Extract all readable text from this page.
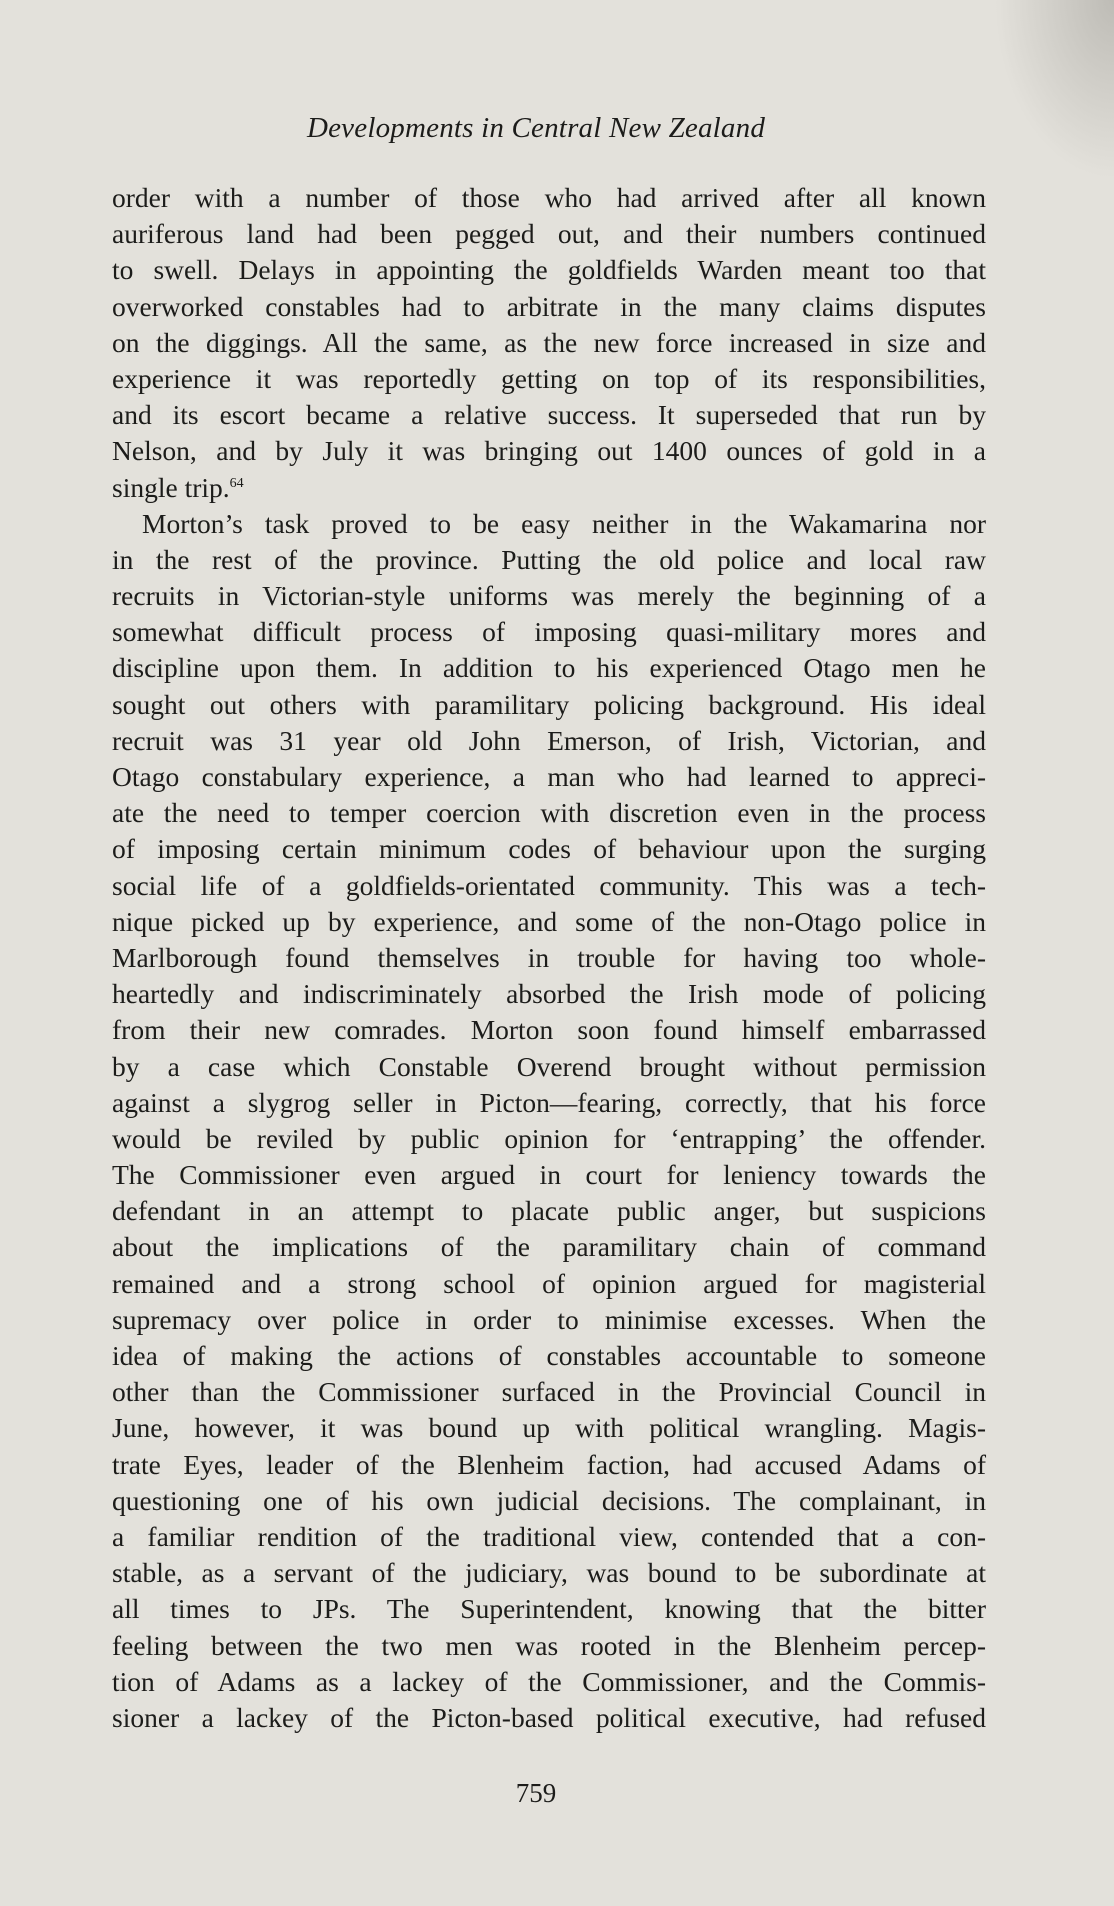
Developments in Central New Zealand
order with a number of those who had arrived after all known
auriferous land had been pegged out, and their numbers continued
to swell. Delays in appointing the goldfields Warden meant too that
overworked constables had to arbitrate in the many claims disputes
on the diggings. All the same, as the new force increased in size and
experience it was reportedly getting on top of its responsibilities,
and its escort became a relative success. It superseded that run by
Nelson, and by July it was bringing out 1400 ounces of gold in a
single trip.$^{64}$
Morton’s task proved to be easy neither in the Wakamarina nor
in the rest of the province. Putting the old police and local raw
recruits in Victorian-style uniforms was merely the beginning of a
somewhat difficult process of imposing quasi-military mores and
discipline upon them. In addition to his experienced Otago men he
sought out others with paramilitary policing background. His ideal
recruit was 31 year old John Emerson, of Irish, Victorian, and
Otago constabulary experience, a man who had learned to appreci-
ate the need to temper coercion with discretion even in the process
of imposing certain minimum codes of behaviour upon the surging
social life of a goldfields-orientated community. This was a tech-
nique picked up by experience, and some of the non-Otago police in
Marlborough found themselves in trouble for having too whole-
heartedly and indiscriminately absorbed the Irish mode of policing
from their new comrades. Morton soon found himself embarrassed
by a case which Constable Overend brought without permission
against a slygrog seller in Picton—fearing, correctly, that his force
would be reviled by public opinion for ‘entrapping’ the offender.
The Commissioner even argued in court for leniency towards the
defendant in an attempt to placate public anger, but suspicions
about the implications of the paramilitary chain of command
remained and a strong school of opinion argued for magisterial
supremacy over police in order to minimise excesses. When the
idea of making the actions of constables accountable to someone
other than the Commissioner surfaced in the Provincial Council in
June, however, it was bound up with political wrangling. Magis-
trate Eyes, leader of the Blenheim faction, had accused Adams of
questioning one of his own judicial decisions. The complainant, in
a familiar rendition of the traditional view, contended that a con-
stable, as a servant of the judiciary, was bound to be subordinate at
all times to JPs. The Superintendent, knowing that the bitter
feeling between the two men was rooted in the Blenheim percep-
tion of Adams as a lackey of the Commissioner, and the Commis-
sioner a lackey of the Picton-based political executive, had refused
759
